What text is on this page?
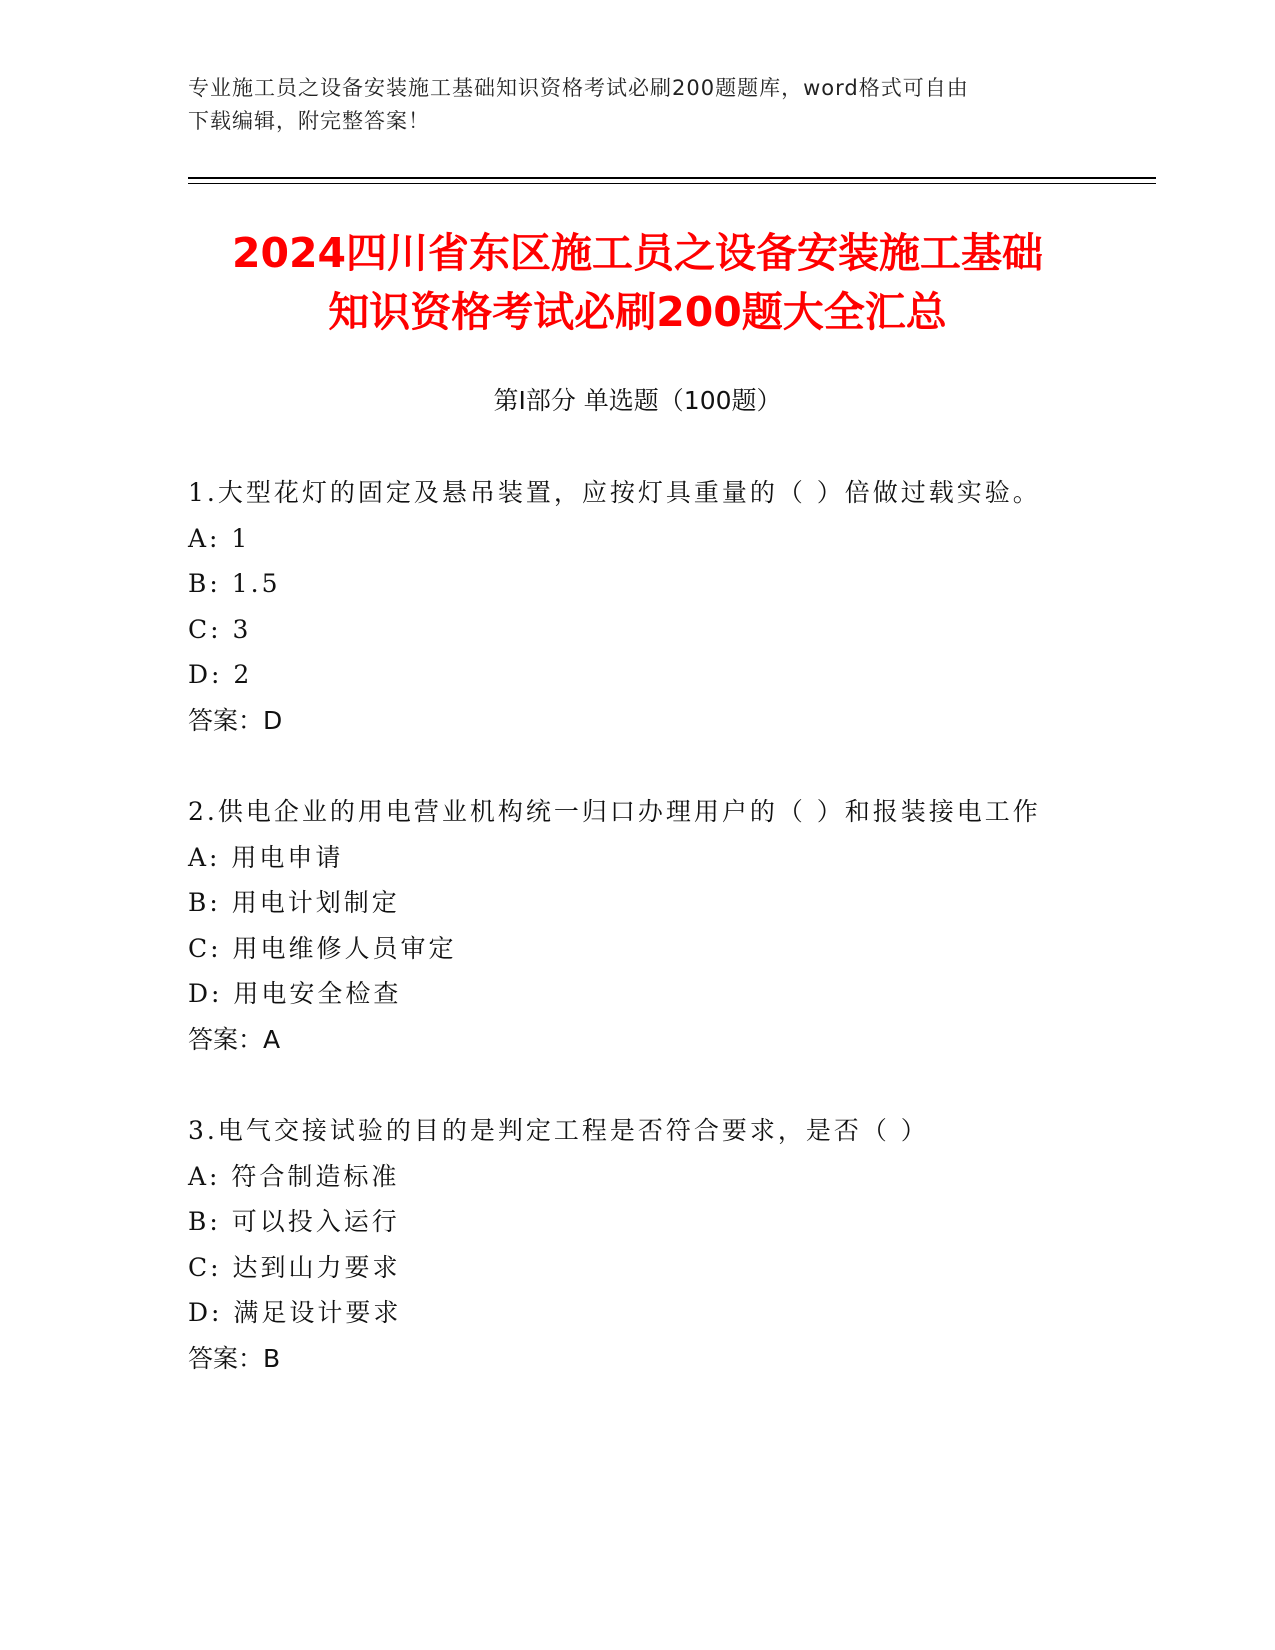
专业施工员之设备安装施工基础知识资格考试必刷200题题库，word格式可自由
下载编辑，附完整答案！
2024四川省东区施工员之设备安装施工基础
知识资格考试必刷200题大全汇总
第Ⅰ部分 单选题（100题）
1.大型花灯的固定及悬吊装置，应按灯具重量的（ ）倍做过载实验。
A: 1
B: 1.5
C: 3
D: 2
答案：D
2.供电企业的用电营业机构统一归口办理用户的（ ）和报装接电工作
A: 用电申请
B: 用电计划制定
C: 用电维修人员审定
D: 用电安全检查
答案：A
3.电气交接试验的目的是判定工程是否符合要求，是否（ ）
A: 符合制造标准
B: 可以投入运行
C: 达到山力要求
D: 满足设计要求
答案：B
